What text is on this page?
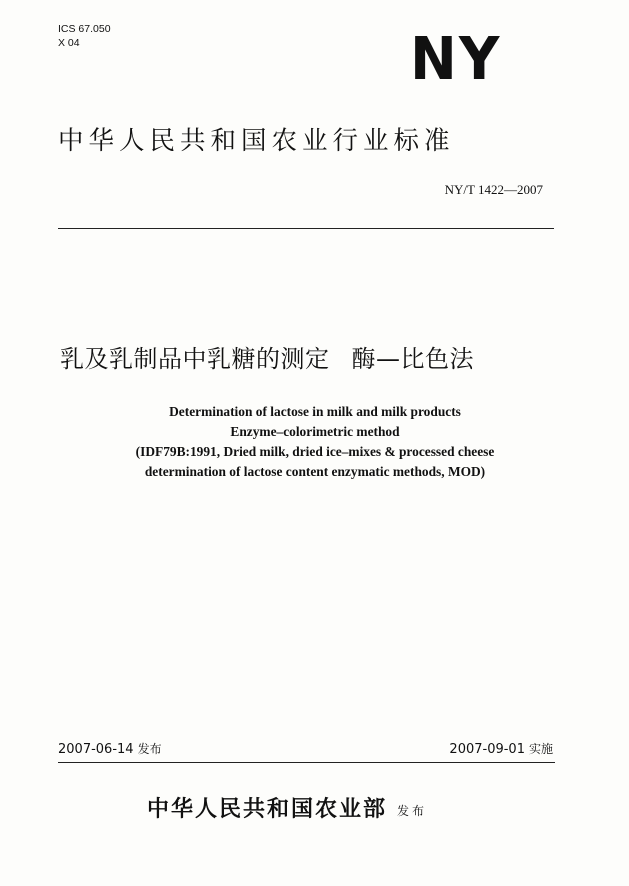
ICS 67.050
X 04	NY
中华人民共和国农业行业标准
NY/T 1422—2007
乳及乳制品中乳糖的测定 酶—比色法
Determination of lactose in milk and milk products
Enzyme–colorimetric method
(IDF79B:1991, Dried milk, dried ice–mixes & processed cheese
determination of lactose content enzymatic methods, MOD)
2007-06-14 发布	2007-09-01 实施
中华人民共和国农业部 发布
